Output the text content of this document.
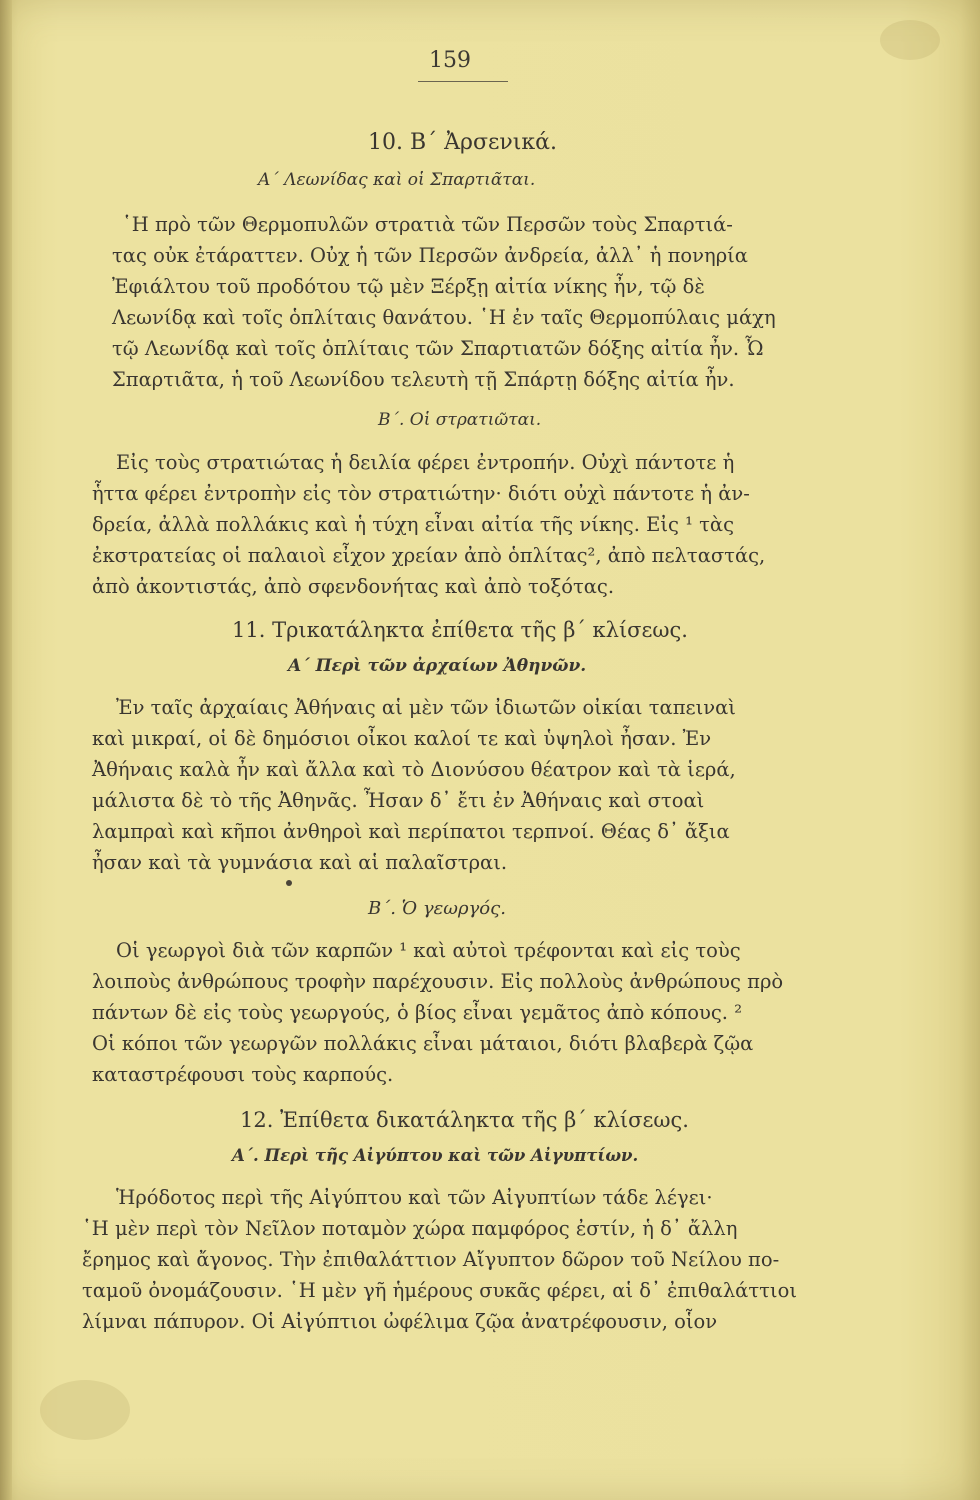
159
10. Β΄ Ἀρσενικά.
Α΄ Λεωνίδας καὶ οἱ Σπαρτιᾶται.
῾Η πρὸ τῶν Θερμοπυλῶν στρατιὰ τῶν Περσῶν τοὺς Σπαρτιά-
τας οὐκ ἐτάραττεν. Οὐχ ἡ τῶν Περσῶν ἀνδρεία, ἀλλ᾽ ἡ πονηρία
Ἐφιάλτου τοῦ προδότου τῷ μὲν Ξέρξῃ αἰτία νίκης ἦν, τῷ δὲ
Λεωνίδᾳ καὶ τοῖς ὁπλίταις θανάτου. ῾Η ἐν ταῖς Θερμοπύλαις μάχη
τῷ Λεωνίδᾳ καὶ τοῖς ὁπλίταις τῶν Σπαρτιατῶν δόξης αἰτία ἦν. Ὦ
Σπαρτιᾶτα, ἡ τοῦ Λεωνίδου τελευτὴ τῇ Σπάρτῃ δόξης αἰτία ἦν.
Β΄. Οἱ στρατιῶται.
Εἰς τοὺς στρατιώτας ἡ δειλία φέρει ἐντροπήν. Οὐχὶ πάντοτε ἡ
ἧττα φέρει ἐντροπὴν εἰς τὸν στρατιώτην· διότι οὐχὶ πάντοτε ἡ ἀν-
δρεία, ἀλλὰ πολλάκις καὶ ἡ τύχη εἶναι αἰτία τῆς νίκης. Εἰς ¹ τὰς
ἐκστρατείας οἱ παλαιοὶ εἶχον χρείαν ἀπὸ ὁπλίτας², ἀπὸ πελταστάς,
ἀπὸ ἀκοντιστάς, ἀπὸ σφενδονήτας καὶ ἀπὸ τοξότας.
11. Τρικατάληκτα ἐπίθετα τῆς β΄ κλίσεως.
Α΄ Περὶ τῶν ἀρχαίων Ἀθηνῶν.
Ἐν ταῖς ἀρχαίαις Ἀθήναις αἱ μὲν τῶν ἰδιωτῶν οἰκίαι ταπειναὶ
καὶ μικραί, οἱ δὲ δημόσιοι οἶκοι καλοί τε καὶ ὑψηλοὶ ἦσαν. Ἐν
Ἀθήναις καλὰ ἦν καὶ ἄλλα καὶ τὸ Διονύσου θέατρον καὶ τὰ ἱερά,
μάλιστα δὲ τὸ τῆς Ἀθηνᾶς. Ἦσαν δ᾽ ἔτι ἐν Ἀθήναις καὶ στοαὶ
λαμπραὶ καὶ κῆποι ἀνθηροὶ καὶ περίπατοι τερπνοί. Θέας δ᾽ ἄξια
ἦσαν καὶ τὰ γυμνάσια καὶ αἱ παλαῖστραι.
Β΄. Ὁ γεωργός.
Οἱ γεωργοὶ διὰ τῶν καρπῶν ¹ καὶ αὐτοὶ τρέφονται καὶ εἰς τοὺς
λοιποὺς ἀνθρώπους τροφὴν παρέχουσιν. Εἰς πολλοὺς ἀνθρώπους πρὸ
πάντων δὲ εἰς τοὺς γεωργούς, ὁ βίος εἶναι γεμᾶτος ἀπὸ κόπους. ²
Οἱ κόποι τῶν γεωργῶν πολλάκις εἶναι μάταιοι, διότι βλαβερὰ ζῷα
καταστρέφουσι τοὺς καρπούς.
12. Ἐπίθετα δικατάληκτα τῆς β΄ κλίσεως.
Α΄. Περὶ τῆς Αἰγύπτου καὶ τῶν Αἰγυπτίων.
Ἡρόδοτος περὶ τῆς Αἰγύπτου καὶ τῶν Αἰγυπτίων τάδε λέγει·
῾Η μὲν περὶ τὸν Νεῖλον ποταμὸν χώρα παμφόρος ἐστίν, ἡ δ᾽ ἄλλη
ἔρημος καὶ ἄγονος. Τὴν ἐπιθαλάττιον Αἴγυπτον δῶρον τοῦ Νείλου πο-
ταμοῦ ὀνομάζουσιν. ῾Η μὲν γῆ ἡμέρους συκᾶς φέρει, αἱ δ᾽ ἐπιθαλάττιοι
λίμναι πάπυρον. Οἱ Αἰγύπτιοι ὠφέλιμα ζῷα ἀνατρέφουσιν, οἷον
